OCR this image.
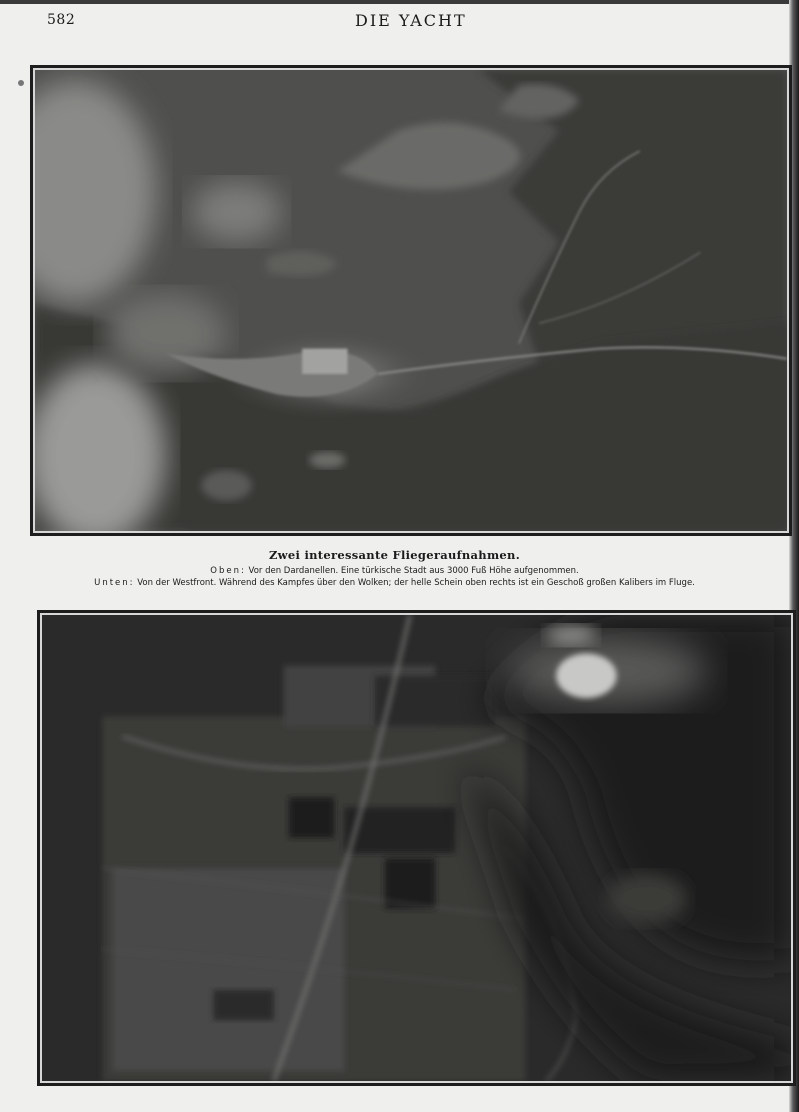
582	DIE YACHT
Zwei interessante Fliegeraufnahmen.
Oben: Vor den Dardanellen. Eine türkische Stadt aus 3000 Fuß Höhe aufgenommen.
Unten: Von der Westfront. Während des Kampfes über den Wolken; der helle Schein oben rechts ist ein Geschoß großen Kalibers im Fluge.
